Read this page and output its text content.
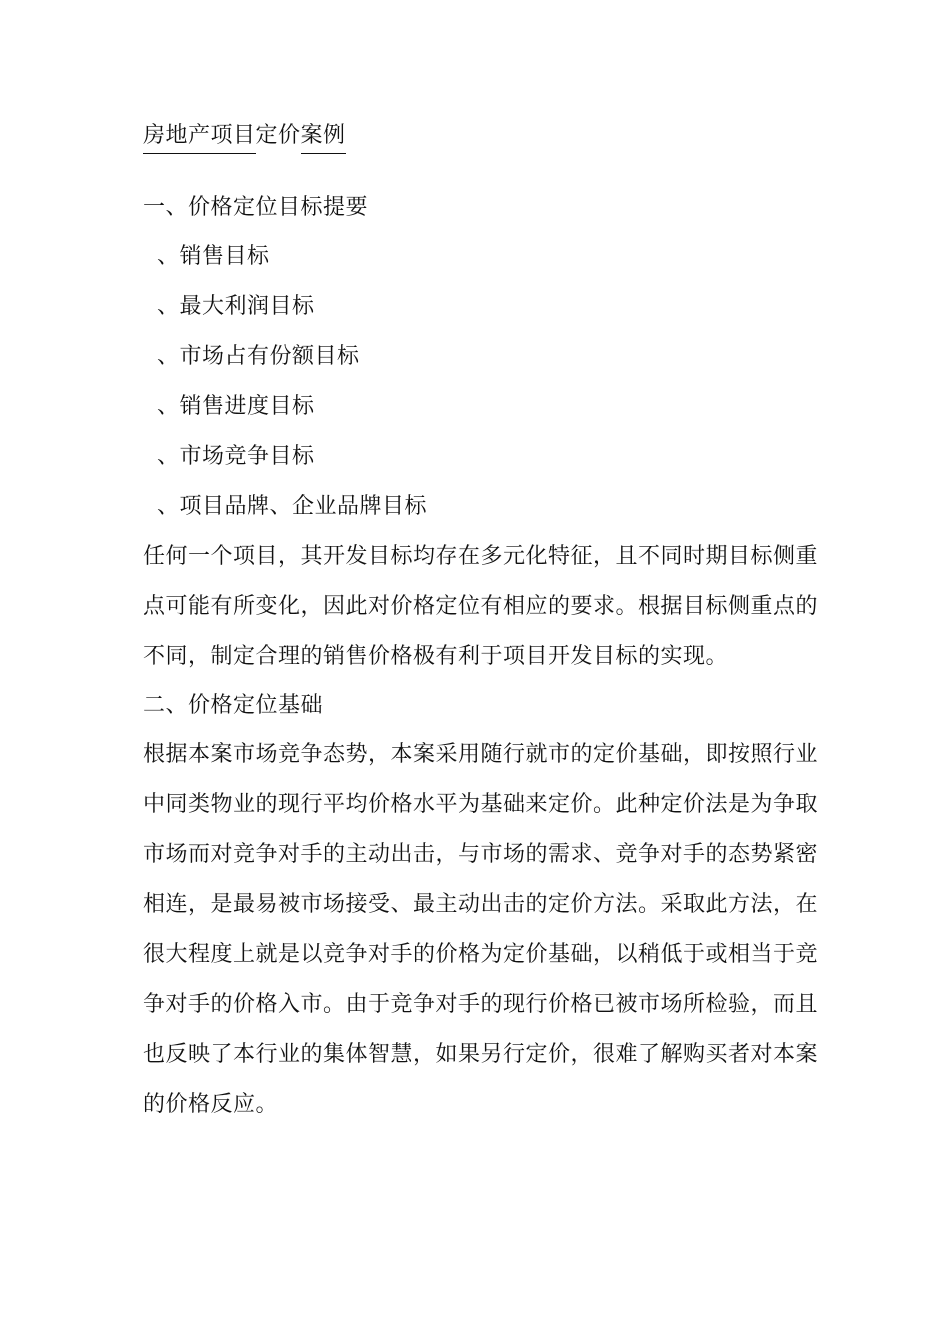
房地产项目定价案例
一、价格定位目标提要
、销售目标
、最大利润目标
、市场占有份额目标
、销售进度目标
、市场竞争目标
、项目品牌、企业品牌目标
任何一个项目，其开发目标均存在多元化特征，且不同时期目标侧重
点可能有所变化，因此对价格定位有相应的要求。根据目标侧重点的
不同，制定合理的销售价格极有利于项目开发目标的实现。
二、价格定位基础
根据本案市场竞争态势，本案采用随行就市的定价基础，即按照行业
中同类物业的现行平均价格水平为基础来定价。此种定价法是为争取
市场而对竞争对手的主动出击，与市场的需求、竞争对手的态势紧密
相连，是最易被市场接受、最主动出击的定价方法。采取此方法，在
很大程度上就是以竞争对手的价格为定价基础，以稍低于或相当于竞
争对手的价格入市。由于竞争对手的现行价格已被市场所检验，而且
也反映了本行业的集体智慧，如果另行定价，很难了解购买者对本案
的价格反应。
